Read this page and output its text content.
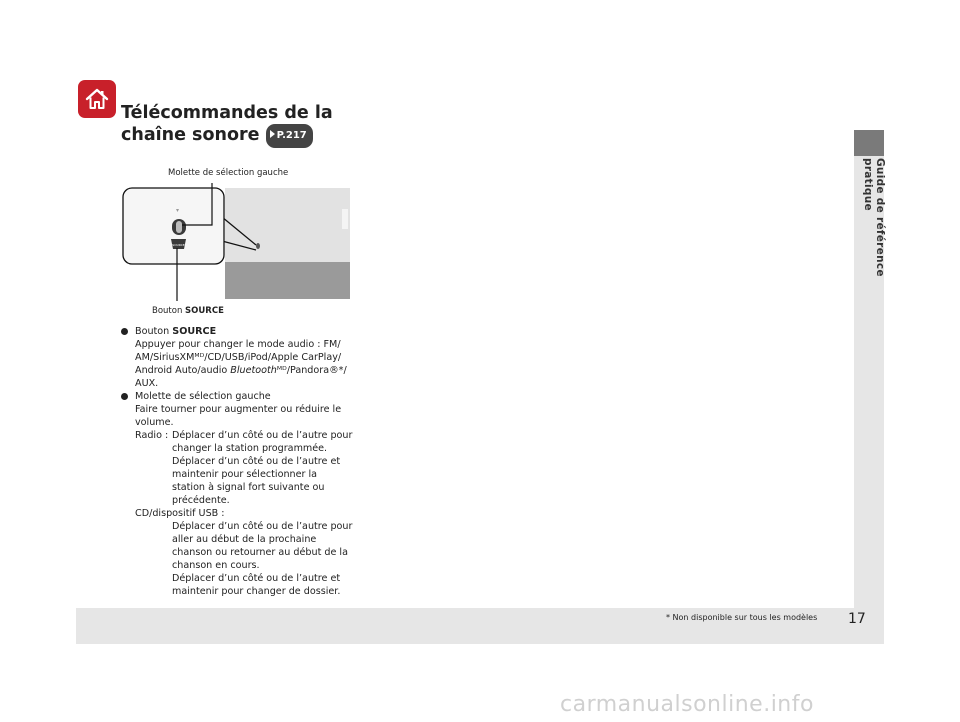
Guide de référence pratique
Télécommandes de la
chaîne sonore P.217
Molette de sélection gauche
Bouton SOURCE
SOURCE
Bouton SOURCE
Appuyer pour changer le mode audio : FM/
AM/SiriusXMᴹᴰ/CD/USB/iPod/Apple CarPlay/
Android Auto/audio Bluetoothᴹᴰ/Pandora®*/
AUX.
Molette de sélection gauche
Faire tourner pour augmenter ou réduire le
volume.
Radio : Déplacer d’un côté ou de l’autre pour
changer la station programmée.
Déplacer d’un côté ou de l’autre et
maintenir pour sélectionner la
station à signal fort suivante ou
précédente.
CD/dispositif USB :
Déplacer d’un côté ou de l’autre pour
aller au début de la prochaine
chanson ou retourner au début de la
chanson en cours.
Déplacer d’un côté ou de l’autre et
maintenir pour changer de dossier.
* Non disponible sur tous les modèles 17
carmanualsonline.info
